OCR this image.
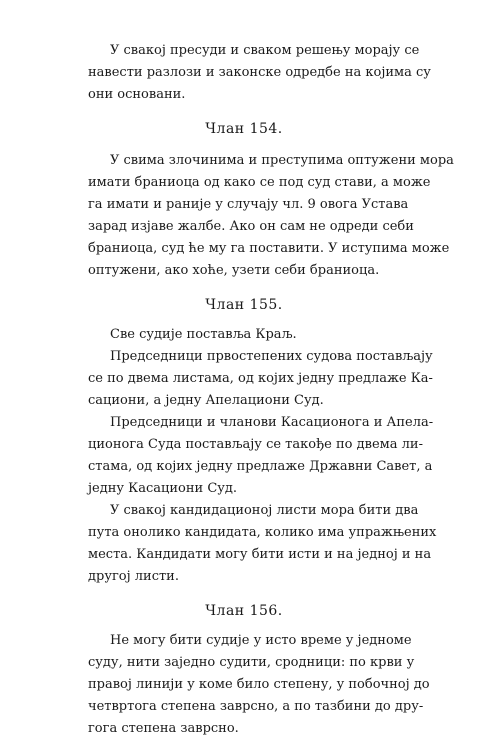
У свакој пресуди и сваком решењу морају се
навести разлози и законске одредбе на којима су
они основани.

Члан 154.

У свима злочинима и преступима оптужени мора
имати браниоца од како се под суд стави, а може
га имати и раније у случају чл. 9 овога Устава
зарад изјаве жалбе. Ако он сам не одреди себи
браниоца, суд ће му га поставити. У иступима може
оптужени, ако хоће, узети себи браниоца.

Члан 155.

Све судије поставља Краљ.

Председници првостепених судова постављају
се по двема листама, од којих једну предлаже Ка-
сациони, а једну Апелациони Суд.

Председници и чланови Касационога и Апела-
ционога Суда постављају се такође по двема ли-
стама, од којих једну предлаже Државни Савет, а
једну Касациони Суд.

У свакој кандидационој листи мора бити два
пута онолико кандидата, колико има упражњених
места. Кандидати могу бити исти и на једној и на
другој листи.

Члан 156.

Не могу бити судије у исто време у једноме
суду, нити заједно судити, сродници: по крви у
правој линији у коме било степену, у побочној до
четвртога степена заврсно, а по тазбини до дру-
гога степена заврсно.
